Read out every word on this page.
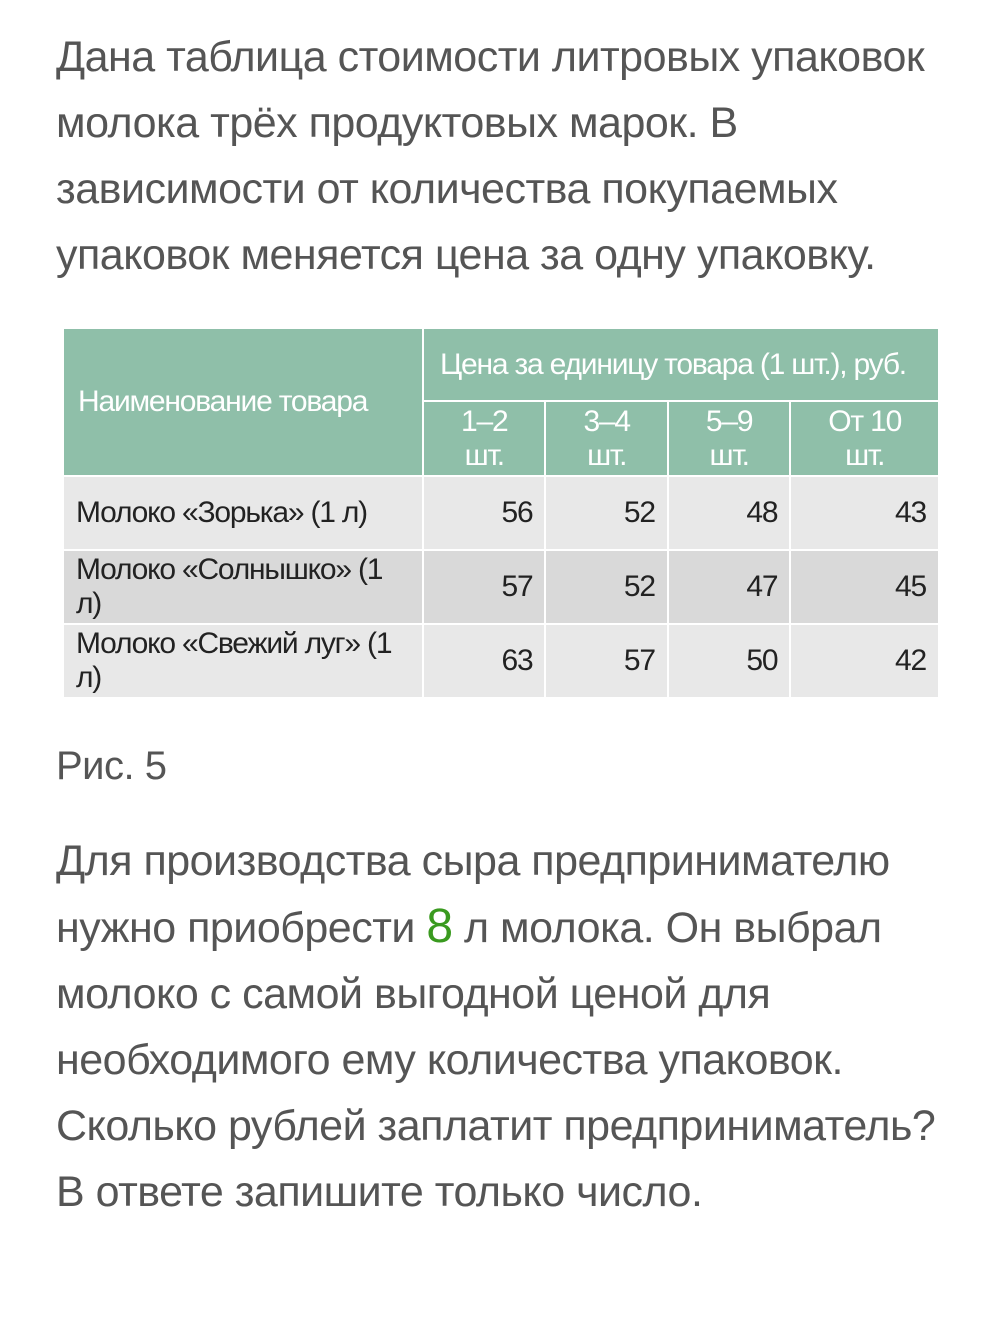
Дана таблица стоимости литровых упаковок молока трёх продуктовых марок. В зависимости от количества покупаемых упаковок меняется цена за одну упаковку.

Наименование товара	Цена за единицу товара (1 шт.), руб.			
	1–2 шт.	3–4 шт.	5–9 шт.	От 10 шт.
Молоко «Зорька» (1 л)	56	52	48	43
Молоко «Солнышко» (1 л)	57	52	47	45
Молоко «Свежий луг» (1 л)	63	57	50	42
Рис. 5

Для производства сыра предпринимателю нужно приобрести 8 л молока. Он выбрал молоко с самой выгодной ценой для необходимого ему количества упаковок. Сколько рублей заплатит предприниматель? В ответе запишите только число.
